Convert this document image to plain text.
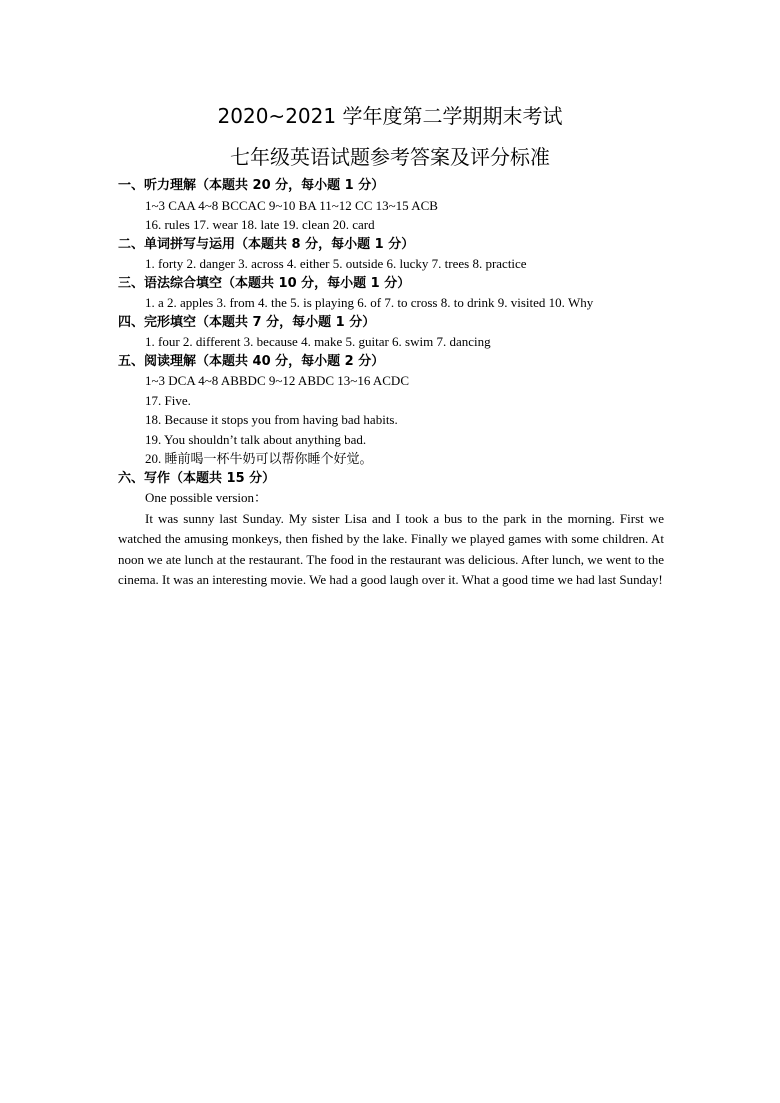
2020~2021 学年度第二学期期末考试
七年级英语试题参考答案及评分标准
一、听力理解（本题共 20 分，每小题 1 分）
1~3 CAA 4~8 BCCAC 9~10 BA 11~12 CC 13~15 ACB
16. rules 17. wear 18. late 19. clean 20. card
二、单词拼写与运用（本题共 8 分，每小题 1 分）
1. forty 2. danger 3. across 4. either 5. outside 6. lucky 7. trees 8. practice
三、语法综合填空（本题共 10 分，每小题 1 分）
1. a 2. apples 3. from 4. the 5. is playing 6. of 7. to cross 8. to drink 9. visited 10. Why
四、完形填空（本题共 7 分，每小题 1 分）
1. four 2. different 3. because 4. make 5. guitar 6. swim 7. dancing
五、阅读理解（本题共 40 分，每小题 2 分）
1~3 DCA 4~8 ABBDC 9~12 ABDC 13~16 ACDC
17. Five.
18. Because it stops you from having bad habits.
19. You shouldn’t talk about anything bad.
20. 睡前喝一杯牛奶可以帮你睡个好觉。
六、写作（本题共 15 分）
One possible version：
It was sunny last Sunday. My sister Lisa and I took a bus to the park in the morning. First we watched the amusing monkeys, then fished by the lake. Finally we played games with some children. At noon we ate lunch at the restaurant. The food in the restaurant was delicious. After lunch, we went to the cinema. It was an interesting movie. We had a good laugh over it. What a good time we had last Sunday!
